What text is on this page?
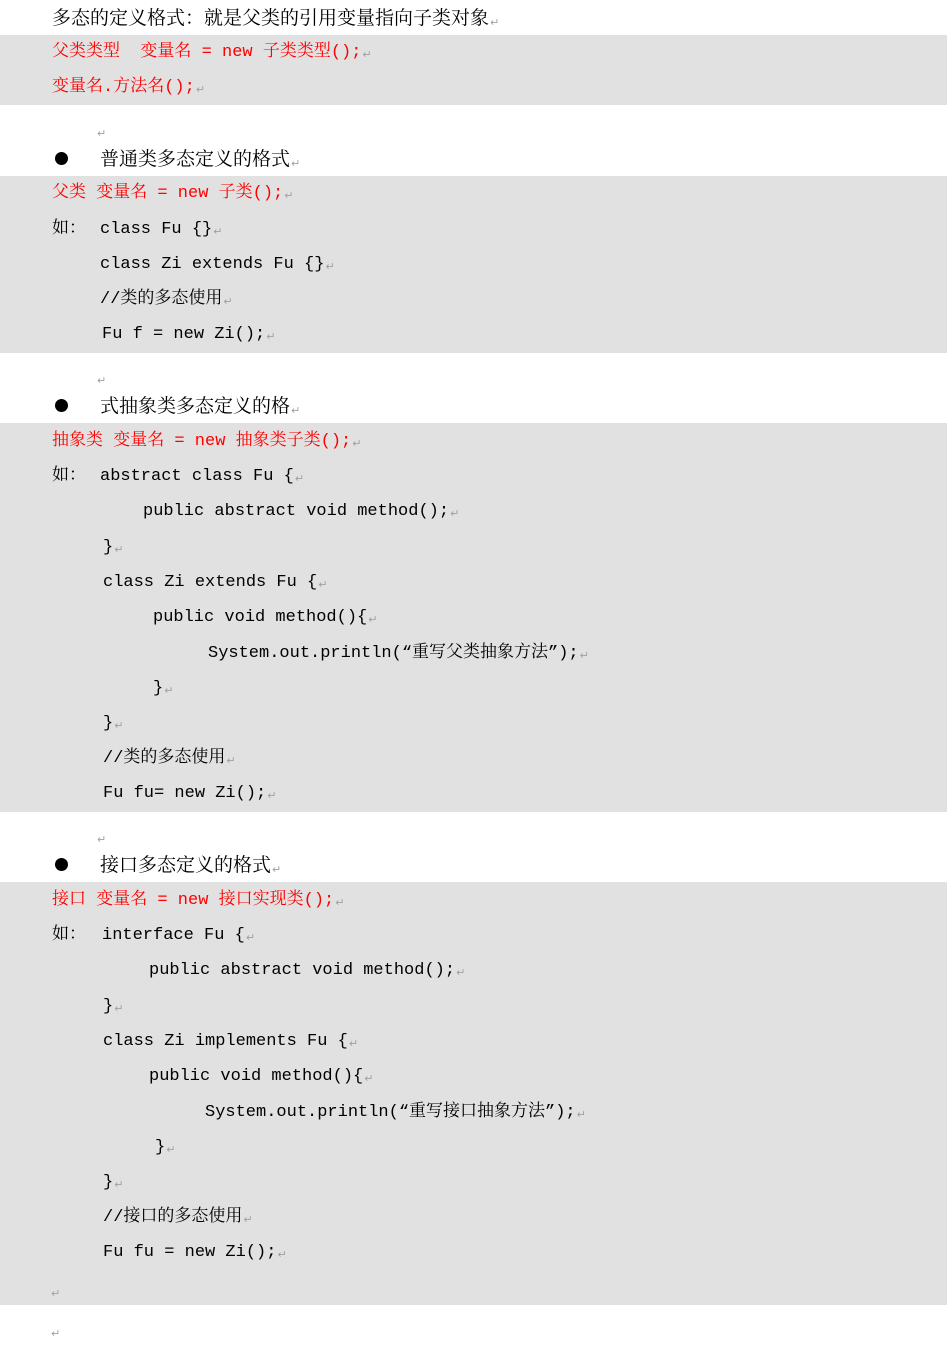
多态的定义格式：就是父类的引用变量指向子类对象↵
父类类型  变量名 = new 子类类型();↵
变量名.方法名();↵
↵
普通类多态定义的格式↵
父类 变量名 = new 子类();↵
如： class Fu {}↵
class Zi extends Fu {}↵
//类的多态使用↵
Fu f = new Zi();↵
↵
式抽象类多态定义的格↵
抽象类 变量名 = new 抽象类子类();↵
如： abstract class Fu {↵
public abstract void method();↵
}↵
class Zi extends Fu {↵
public void method(){↵
System.out.println(“重写父类抽象方法”);↵
}↵
}↵
//类的多态使用↵
Fu fu= new Zi();↵
↵
接口多态定义的格式↵
接口 变量名 = new 接口实现类();↵
如： interface Fu {↵
public abstract void method();↵
}↵
class Zi implements Fu {↵
public void method(){↵
System.out.println(“重写接口抽象方法”);↵
}↵
}↵
//接口的多态使用↵
Fu fu = new Zi();↵
↵
↵
